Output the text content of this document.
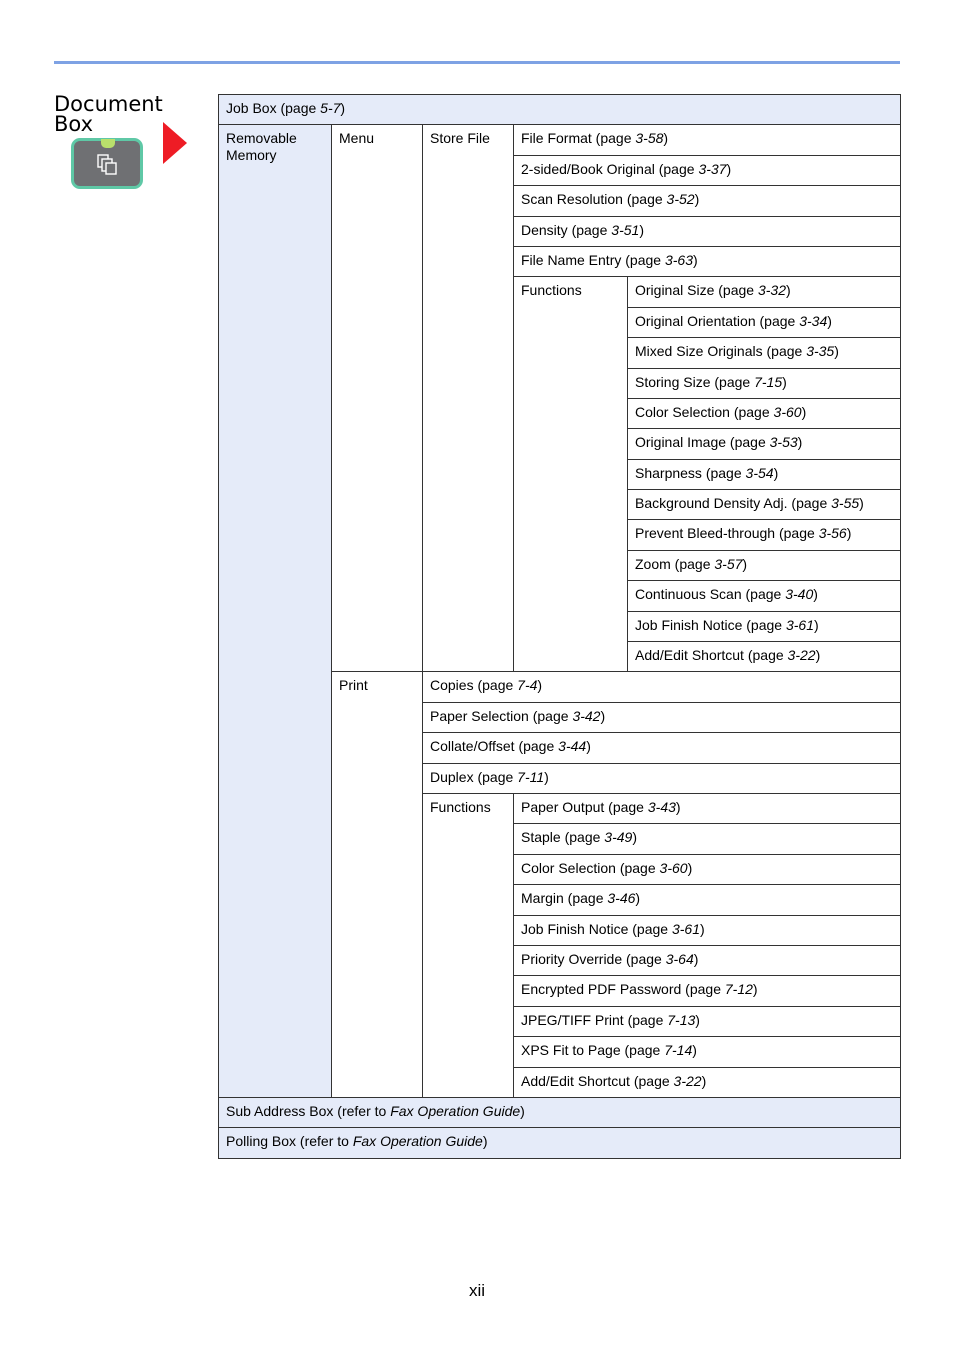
Document
Box
Job Box (page 5-7)				
Removable Memory	Menu	Store File	File Format (page 3-58)	
			2-sided/Book Original (page 3-37)	
			Scan Resolution (page 3-52)	
			Density (page 3-51)	
			File Name Entry (page 3-63)	
			Functions	Original Size (page 3-32)
				Original Orientation (page 3-34)
				Mixed Size Originals (page 3-35)
				Storing Size (page 7-15)
				Color Selection (page 3-60)
				Original Image (page 3-53)
				Sharpness (page 3-54)
				Background Density Adj. (page 3-55)
				Prevent Bleed-through (page 3-56)
				Zoom (page 3-57)
				Continuous Scan (page 3-40)
				Job Finish Notice (page 3-61)
				Add/Edit Shortcut (page 3-22)
	Print	Copies (page 7-4)		
		Paper Selection (page 3-42)		
		Collate/Offset (page 3-44)		
		Duplex (page 7-11)		
		Functions	Paper Output (page 3-43)	
			Staple (page 3-49)	
			Color Selection (page 3-60)	
			Margin (page 3-46)	
			Job Finish Notice (page 3-61)	
			Priority Override (page 3-64)	
			Encrypted PDF Password (page 7-12)	
			JPEG/TIFF Print (page 7-13)	
			XPS Fit to Page (page 7-14)	
			Add/Edit Shortcut (page 3-22)	
Sub Address Box (refer to Fax Operation Guide)				
Polling Box (refer to Fax Operation Guide)				
xii
